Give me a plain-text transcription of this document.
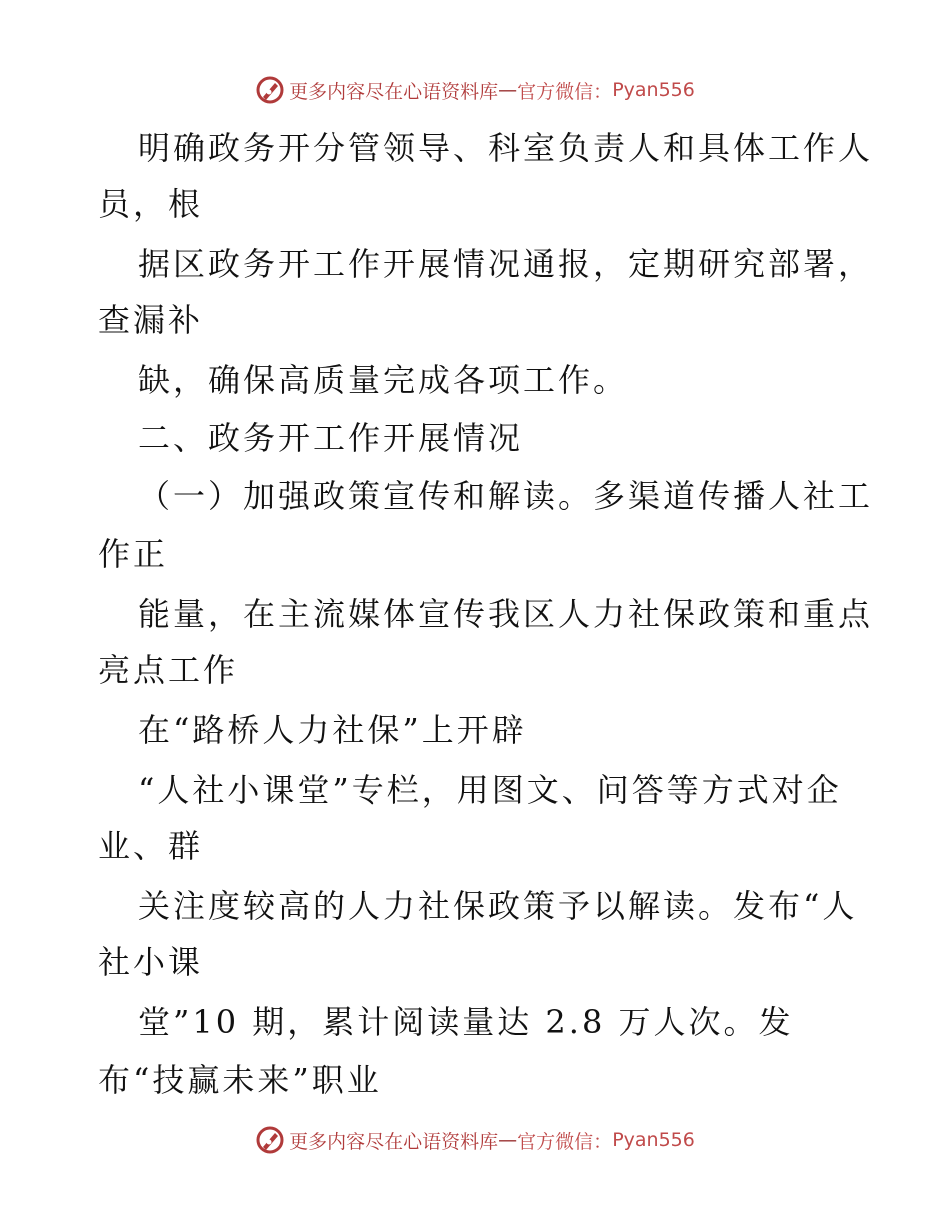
更多内容尽在心语资料库 — 官方微信： Pyan556
明确政务开分管领导、科室负责人和具体工作人
员，根
据区政务开工作开展情况通报，定期研究部署，
查漏补
缺，确保高质量完成各项工作。
二、政务开工作开展情况
（一）加强政策宣传和解读。多渠道传播人社工
作正
能量，在主流媒体宣传我区人力社保政策和重点
亮点工作
在“路桥人力社保”上开辟
“人社小课堂”专栏，用图文、问答等方式对企
业、群
关注度较高的人力社保政策予以解读。发布“人
社小课
堂”10 期，累计阅读量达 2.8 万人次。发
布“技赢未来”职业
更多内容尽在心语资料库 — 官方微信： Pyan556
